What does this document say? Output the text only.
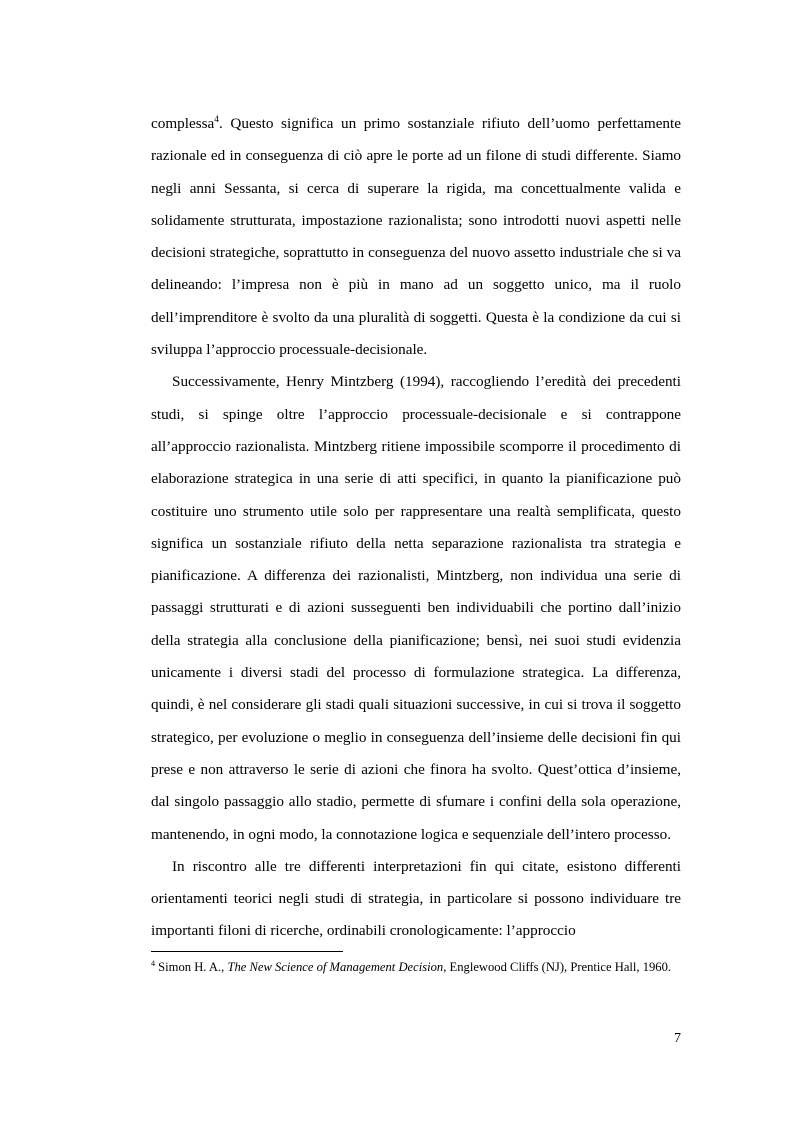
complessa$^4$. Questo significa un primo sostanziale rifiuto dell’uomo perfettamente razionale ed in conseguenza di ciò apre le porte ad un filone di studi differente. Siamo negli anni Sessanta, si cerca di superare la rigida, ma concettualmente valida e solidamente strutturata, impostazione razionalista; sono introdotti nuovi aspetti nelle decisioni strategiche, soprattutto in conseguenza del nuovo assetto industriale che si va delineando: l’impresa non è più in mano ad un soggetto unico, ma il ruolo dell’imprenditore è svolto da una pluralità di soggetti. Questa è la condizione da cui si sviluppa l’approccio processuale-decisionale.

Successivamente, Henry Mintzberg (1994), raccogliendo l’eredità dei precedenti studi, si spinge oltre l’approccio processuale-decisionale e si contrappone all’approccio razionalista. Mintzberg ritiene impossibile scomporre il procedimento di elaborazione strategica in una serie di atti specifici, in quanto la pianificazione può costituire uno strumento utile solo per rappresentare una realtà semplificata, questo significa un sostanziale rifiuto della netta separazione razionalista tra strategia e pianificazione. A differenza dei razionalisti, Mintzberg, non individua una serie di passaggi strutturati e di azioni susseguenti ben individuabili che portino dall’inizio della strategia alla conclusione della pianificazione; bensì, nei suoi studi evidenzia unicamente i diversi stadi del processo di formulazione strategica. La differenza, quindi, è nel considerare gli stadi quali situazioni successive, in cui si trova il soggetto strategico, per evoluzione o meglio in conseguenza dell’insieme delle decisioni fin qui prese e non attraverso le serie di azioni che finora ha svolto. Quest’ottica d’insieme, dal singolo passaggio allo stadio, permette di sfumare i confini della sola operazione, mantenendo, in ogni modo, la connotazione logica e sequenziale dell’intero processo.

In riscontro alle tre differenti interpretazioni fin qui citate, esistono differenti orientamenti teorici negli studi di strategia, in particolare si possono individuare tre importanti filoni di ricerche, ordinabili cronologicamente: l’approccio

$^4$ Simon H. A., The New Science of Management Decision, Englewood Cliffs (NJ), Prentice Hall, 1960.
7
